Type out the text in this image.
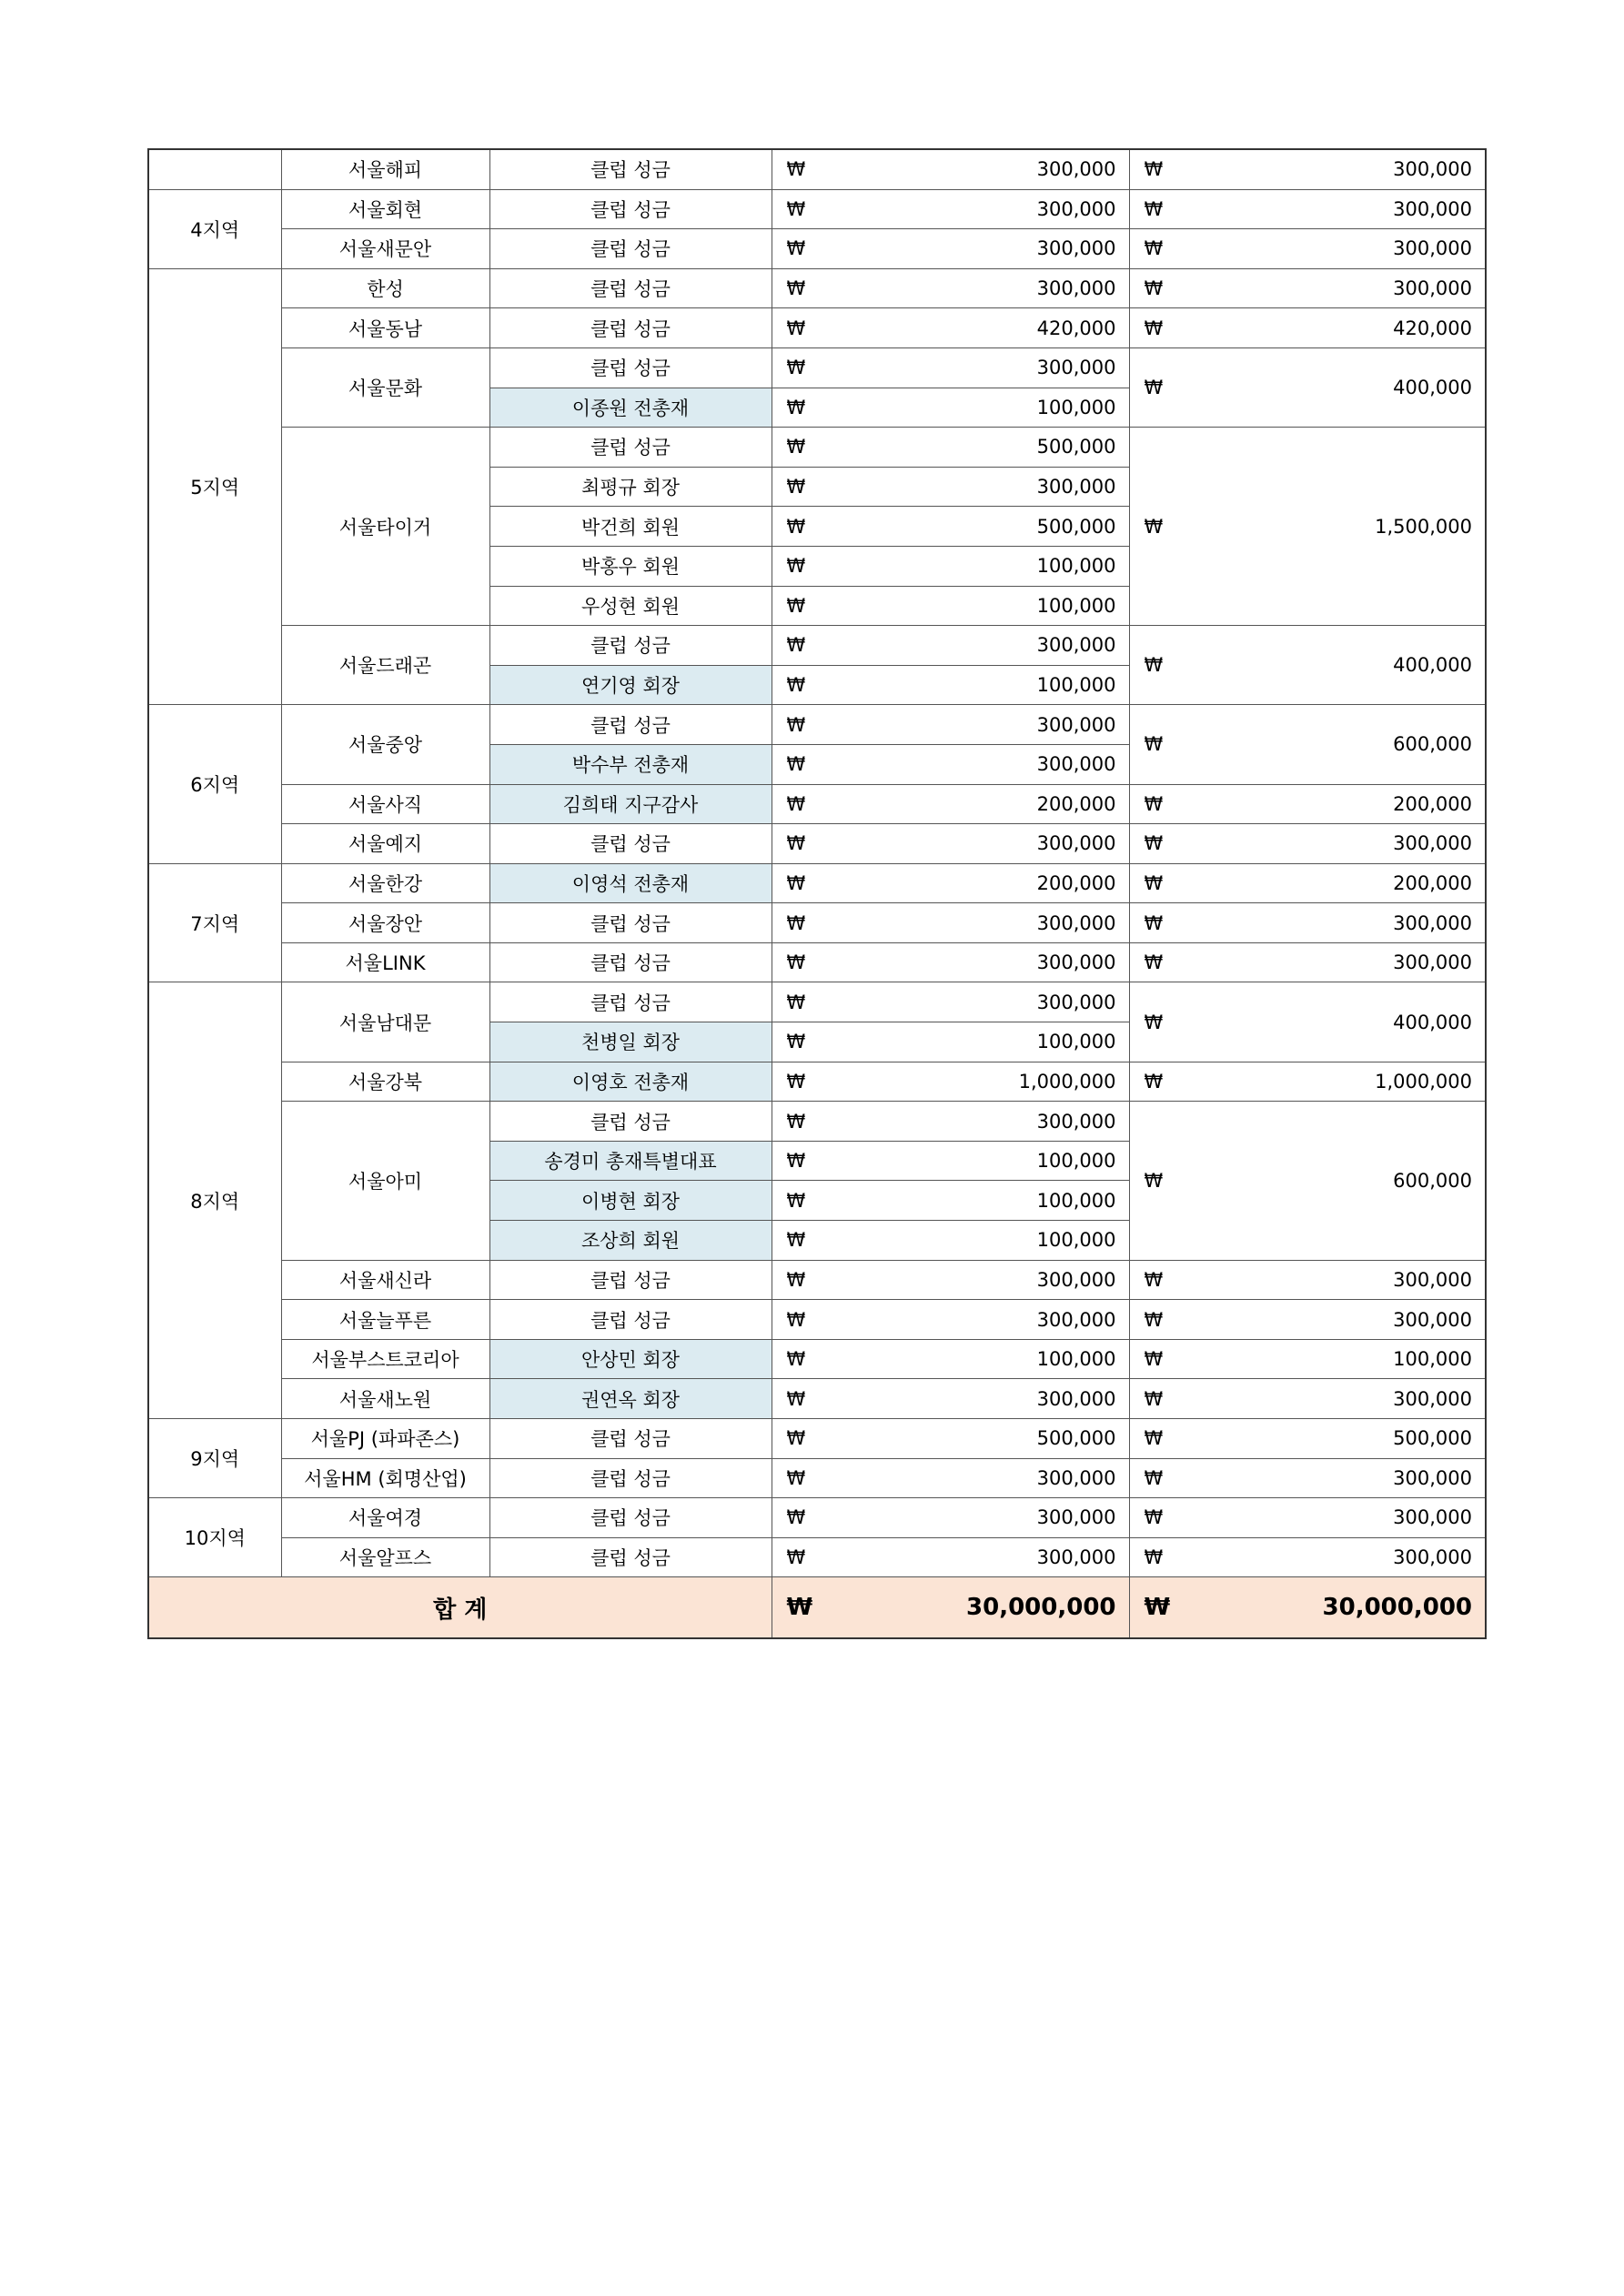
	서울해피	클럽 성금	₩ 300,000	₩ 300,000
4지역	서울회현	클럽 성금	₩ 300,000	₩ 300,000
	서울새문안	클럽 성금	₩ 300,000	₩ 300,000
5지역	한성	클럽 성금	₩ 300,000	₩ 300,000
	서울동남	클럽 성금	₩ 420,000	₩ 420,000
	서울문화	클럽 성금	₩ 300,000	₩ 400,000
		이종원 전총재	₩ 100,000	
	서울타이거	클럽 성금	₩ 500,000	₩ 1,500,000
		최평규 회장	₩ 300,000	
		박건희 회원	₩ 500,000	
		박홍우 회원	₩ 100,000	
		우성현 회원	₩ 100,000	
	서울드래곤	클럽 성금	₩ 300,000	₩ 400,000
		연기영 회장	₩ 100,000	
6지역	서울중앙	클럽 성금	₩ 300,000	₩ 600,000
		박수부 전총재	₩ 300,000	
	서울사직	김희태 지구감사	₩ 200,000	₩ 200,000
	서울예지	클럽 성금	₩ 300,000	₩ 300,000
7지역	서울한강	이영석 전총재	₩ 200,000	₩ 200,000
	서울장안	클럽 성금	₩ 300,000	₩ 300,000
	서울LINK	클럽 성금	₩ 300,000	₩ 300,000
8지역	서울남대문	클럽 성금	₩ 300,000	₩ 400,000
		천병일 회장	₩ 100,000	
	서울강북	이영호 전총재	₩ 1,000,000	₩ 1,000,000
	서울아미	클럽 성금	₩ 300,000	₩ 600,000
		송경미 총재특별대표	₩ 100,000	
		이병현 회장	₩ 100,000	
		조상희 회원	₩ 100,000	
	서울새신라	클럽 성금	₩ 300,000	₩ 300,000
	서울늘푸른	클럽 성금	₩ 300,000	₩ 300,000
	서울부스트코리아	안상민 회장	₩ 100,000	₩ 100,000
	서울새노원	권연옥 회장	₩ 300,000	₩ 300,000
9지역	서울PJ (파파존스)	클럽 성금	₩ 500,000	₩ 500,000
	서울HM (회명산업)	클럽 성금	₩ 300,000	₩ 300,000
10지역	서울여경	클럽 성금	₩ 300,000	₩ 300,000
	서울알프스	클럽 성금	₩ 300,000	₩ 300,000
합 계			₩ 30,000,000	₩ 30,000,000
